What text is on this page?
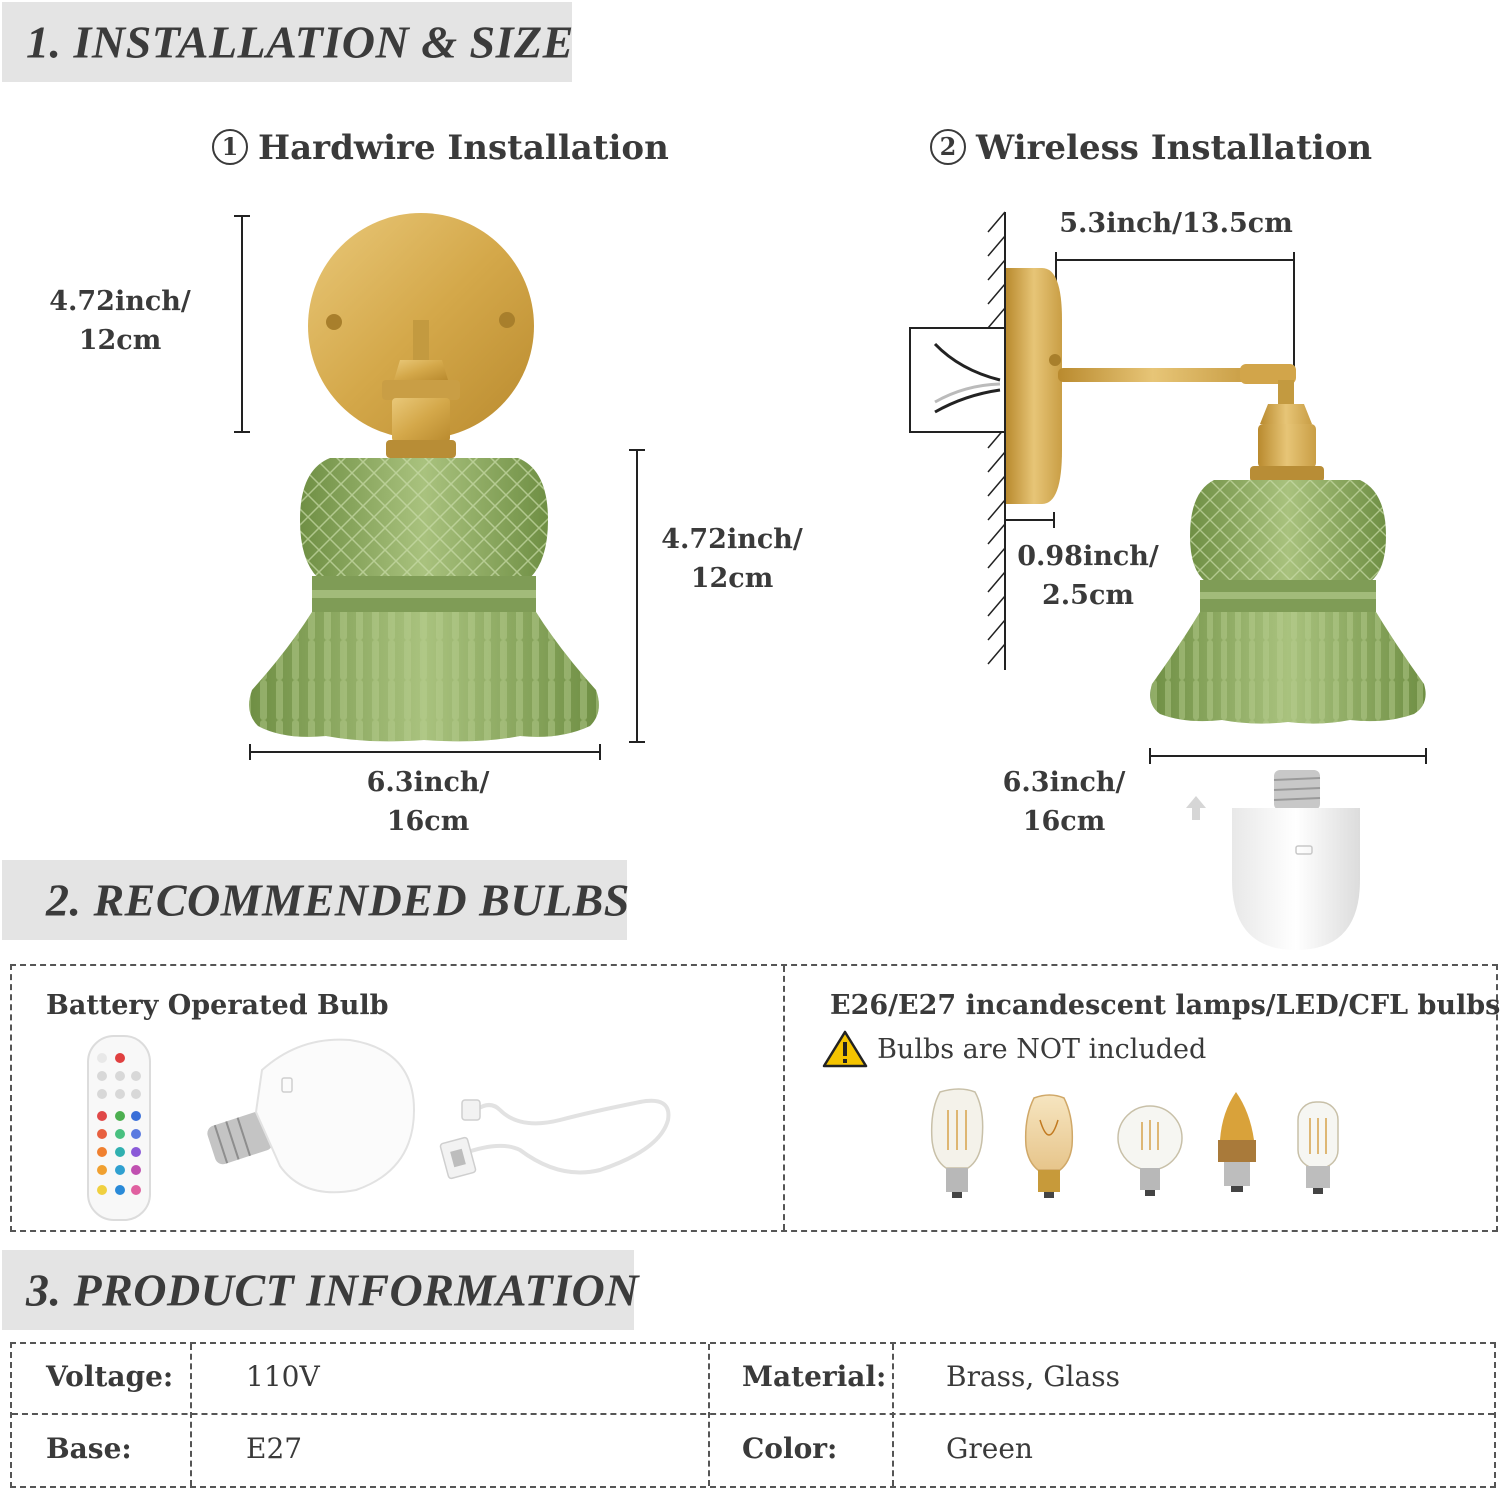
1. INSTALLATION & SIZE
1 Hardwire Installation	2 Wireless Installation
4.72inch/
12cm
4.72inch/
12cm
6.3inch/
16cm
5.3inch/13.5cm
0.98inch/
2.5cm
6.3inch/
16cm
2. RECOMMENDED BULBS
Battery Operated Bulb	E26/E27 incandescent lamps/LED/CFL bulbs
Bulbs are NOT included
3. PRODUCT INFORMATION
Voltage:	110V	Material: Brass, Glass
Base:	E27	Color:	Green
